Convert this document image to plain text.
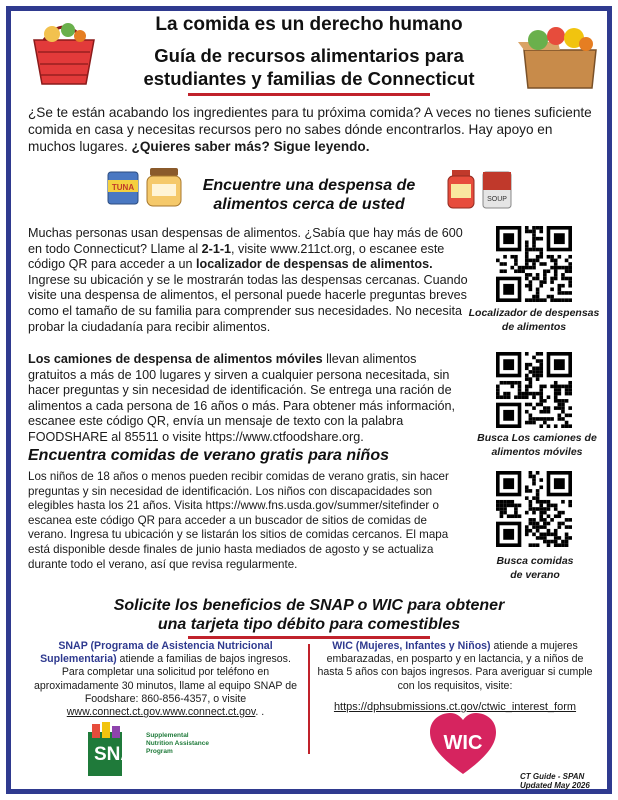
La comida es un derecho humano
Guía de recursos alimentarios para
estudiantes y familias de Connecticut
¿Se te están acabando los ingredientes para tu próxima comida? A veces no tienes suficiente comida en casa y necesitas recursos pero no sabes dónde encontrarlos. Hay apoyo en muchos lugares. ¿Quieres saber más? Sigue leyendo.
TUNA	Encuentre una despensa de
alimentos cerca de usted	SOUP
Muchas personas usan despensas de alimentos. ¿Sabía que hay más de 600 en todo Connecticut? Llame al 2-1-1, visite www.211ct.org, o escanee este código QR para acceder a un localizador de despensas de alimentos. Ingrese su ubicación y se le mostrarán todas las despensas cercanas. Cuando visite una despensa de alimentos, el personal puede hacerle preguntas breves como el tamaño de su familia para comprender sus necesidades. No necesita probar la ciudadanía para recibir alimentos.
Localizador de despensas de alimentos
Los camiones de despensa de alimentos móviles llevan alimentos gratuitos a más de 100 lugares y sirven a cualquier persona necesitada, sin hacer preguntas y sin necesidad de identificación. Se entrega una ración de alimentos a cada persona de 16 años o más. Para obtener más información, escanee este código QR, envía un mensaje de texto con la palabra FOODSHARE al 85511 o visite https://www.ctfoodshare.org.	Busca Los camiones de alimentos móviles
Encuentra comidas de verano gratis para niños
Los niños de 18 años o menos pueden recibir comidas de verano gratis, sin hacer preguntas y sin necesidad de identificación. Los niños con discapacidades son elegibles hasta los 21 años. Visita https://www.fns.usda.gov/summer/sitefinder o escanea este código QR para acceder a un buscador de sitios de comidas de verano. Ingresa tu ubicación y se listarán los sitios de comidas cercanos. El mapa está disponible desde finales de junio hasta mediados de agosto y se actualiza durante todo el verano, así que revisa regularmente.	Busca comidas de verano
Solicite los beneficios de SNAP o WIC para obtener
una tarjeta tipo débito para comestibles
SNAP (Programa de Asistencia Nutricional Suplementaria) atiende a familias de bajos ingresos. Para completar una solicitud por teléfono en aproximadamente 30 minutos, llame al equipo SNAP de Foodshare: 860-856-4357, o visite www.connect.ct.gov.www.connect.ct.gov. .
WIC (Mujeres, Infantes y Niños) atiende a mujeres embarazadas, en posparto y en lactancia, y a niños de hasta 5 años con bajos ingresos. Para averiguar si cumple con los requisitos, visite:
https://dphsubmissions.ct.gov/ctwic_interest_form
SNAP
Supplemental Nutrition Assistance Program	WIC
CT Guide - SPAN
Updated May 2026
